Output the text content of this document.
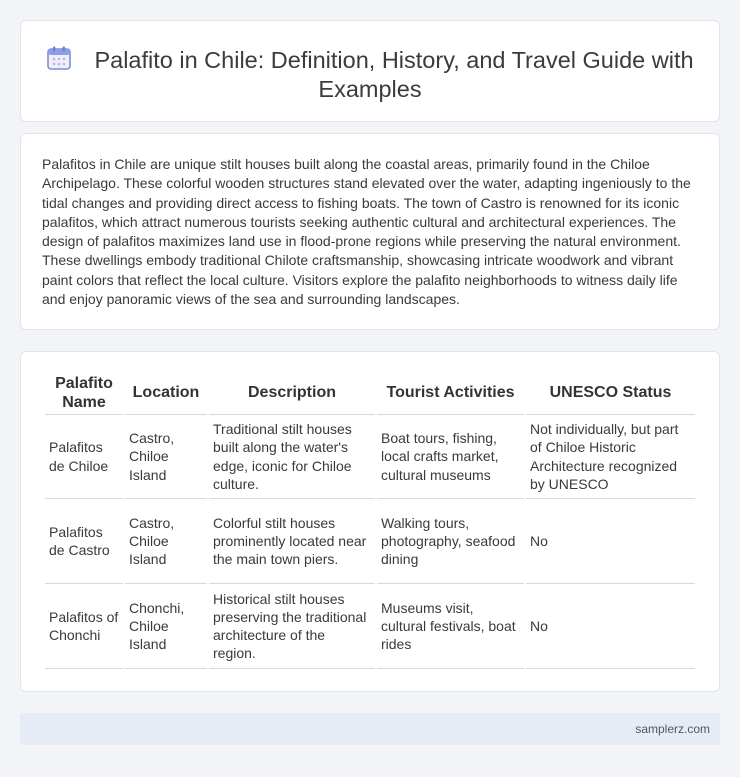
Palafito in Chile: Definition, History, and Travel Guide with Examples

Palafitos in Chile are unique stilt houses built along the coastal areas, primarily found in the Chiloe Archipelago. These colorful wooden structures stand elevated over the water, adapting ingeniously to the tidal changes and providing direct access to fishing boats. The town of Castro is renowned for its iconic palafitos, which attract numerous tourists seeking authentic cultural and architectural experiences. The design of palafitos maximizes land use in flood-prone regions while preserving the natural environment. These dwellings embody traditional Chilote craftsmanship, showcasing intricate woodwork and vibrant paint colors that reflect the local culture. Visitors explore the palafito neighborhoods to witness daily life and enjoy panoramic views of the sea and surrounding landscapes.

Palafito Name	Location	Description	Tourist Activities	UNESCO Status
Palafitos de Chiloe	Castro, Chiloe Island	Traditional stilt houses built along the water's edge, iconic for Chiloe culture.	Boat tours, fishing, local crafts market, cultural museums	Not individually, but part of Chiloe Historic Architecture recognized by UNESCO
Palafitos de Castro	Castro, Chiloe Island	Colorful stilt houses prominently located near the main town piers.	Walking tours, photography, seafood dining	No
Palafitos of Chonchi	Chonchi, Chiloe Island	Historical stilt houses preserving the traditional architecture of the region.	Museums visit, cultural festivals, boat rides	No
samplerz.com
